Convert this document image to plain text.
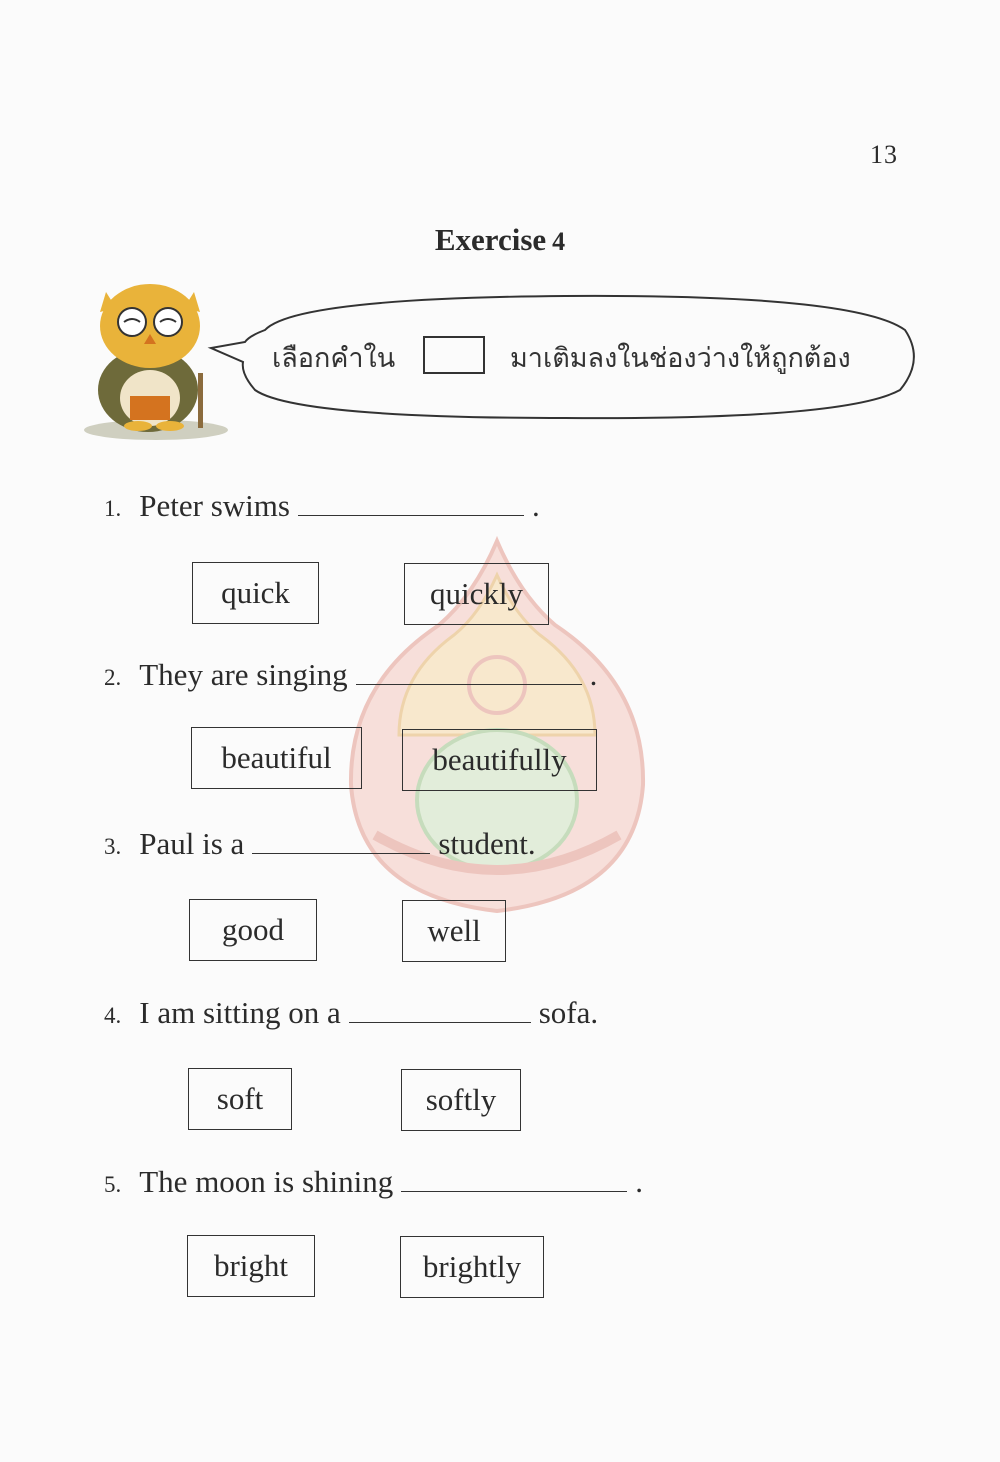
13
Exercise 4
เลือกคำใน	มาเติมลงในช่องว่างให้ถูกต้อง
1. Peter swims	.
quick	quickly
2. They are singing	.
beautiful	beautifully
3. Paul is a	student.
good	well
4. I am sitting on a	sofa.
soft	softly
5. The moon is shining	.
bright	brightly
